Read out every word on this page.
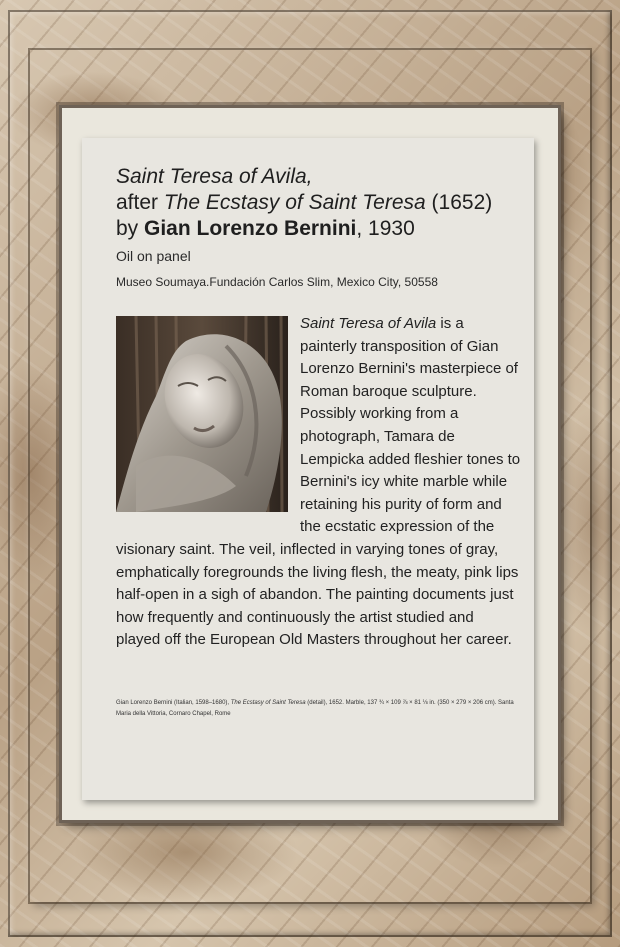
Saint Teresa of Avila,
after The Ecstasy of Saint Teresa (1652)
by Gian Lorenzo Bernini, 1930
Oil on panel
Museo Soumaya.Fundación Carlos Slim, Mexico City, 50558
Saint Teresa of Avila is a painterly transposition of Gian Lorenzo Bernini's masterpiece of Roman baroque sculpture. Possibly working from a photograph, Tamara de Lempicka added fleshier tones to Bernini's icy white marble while retaining his purity of form and the ecstatic expression of the visionary saint. The veil, inflected in varying tones of gray, emphatically foregrounds the living flesh, the meaty, pink lips half-open in a sigh of abandon. The painting documents just how frequently and continuously the artist studied and played off the European Old Masters throughout her career.
Gian Lorenzo Bernini (Italian, 1598–1680), The Ecstasy of Saint Teresa (detail), 1652. Marble, 137 ¾ × 109 ⅞ × 81 ⅛ in. (350 × 279 × 206 cm). Santa Maria della Vittoria, Cornaro Chapel, Rome
